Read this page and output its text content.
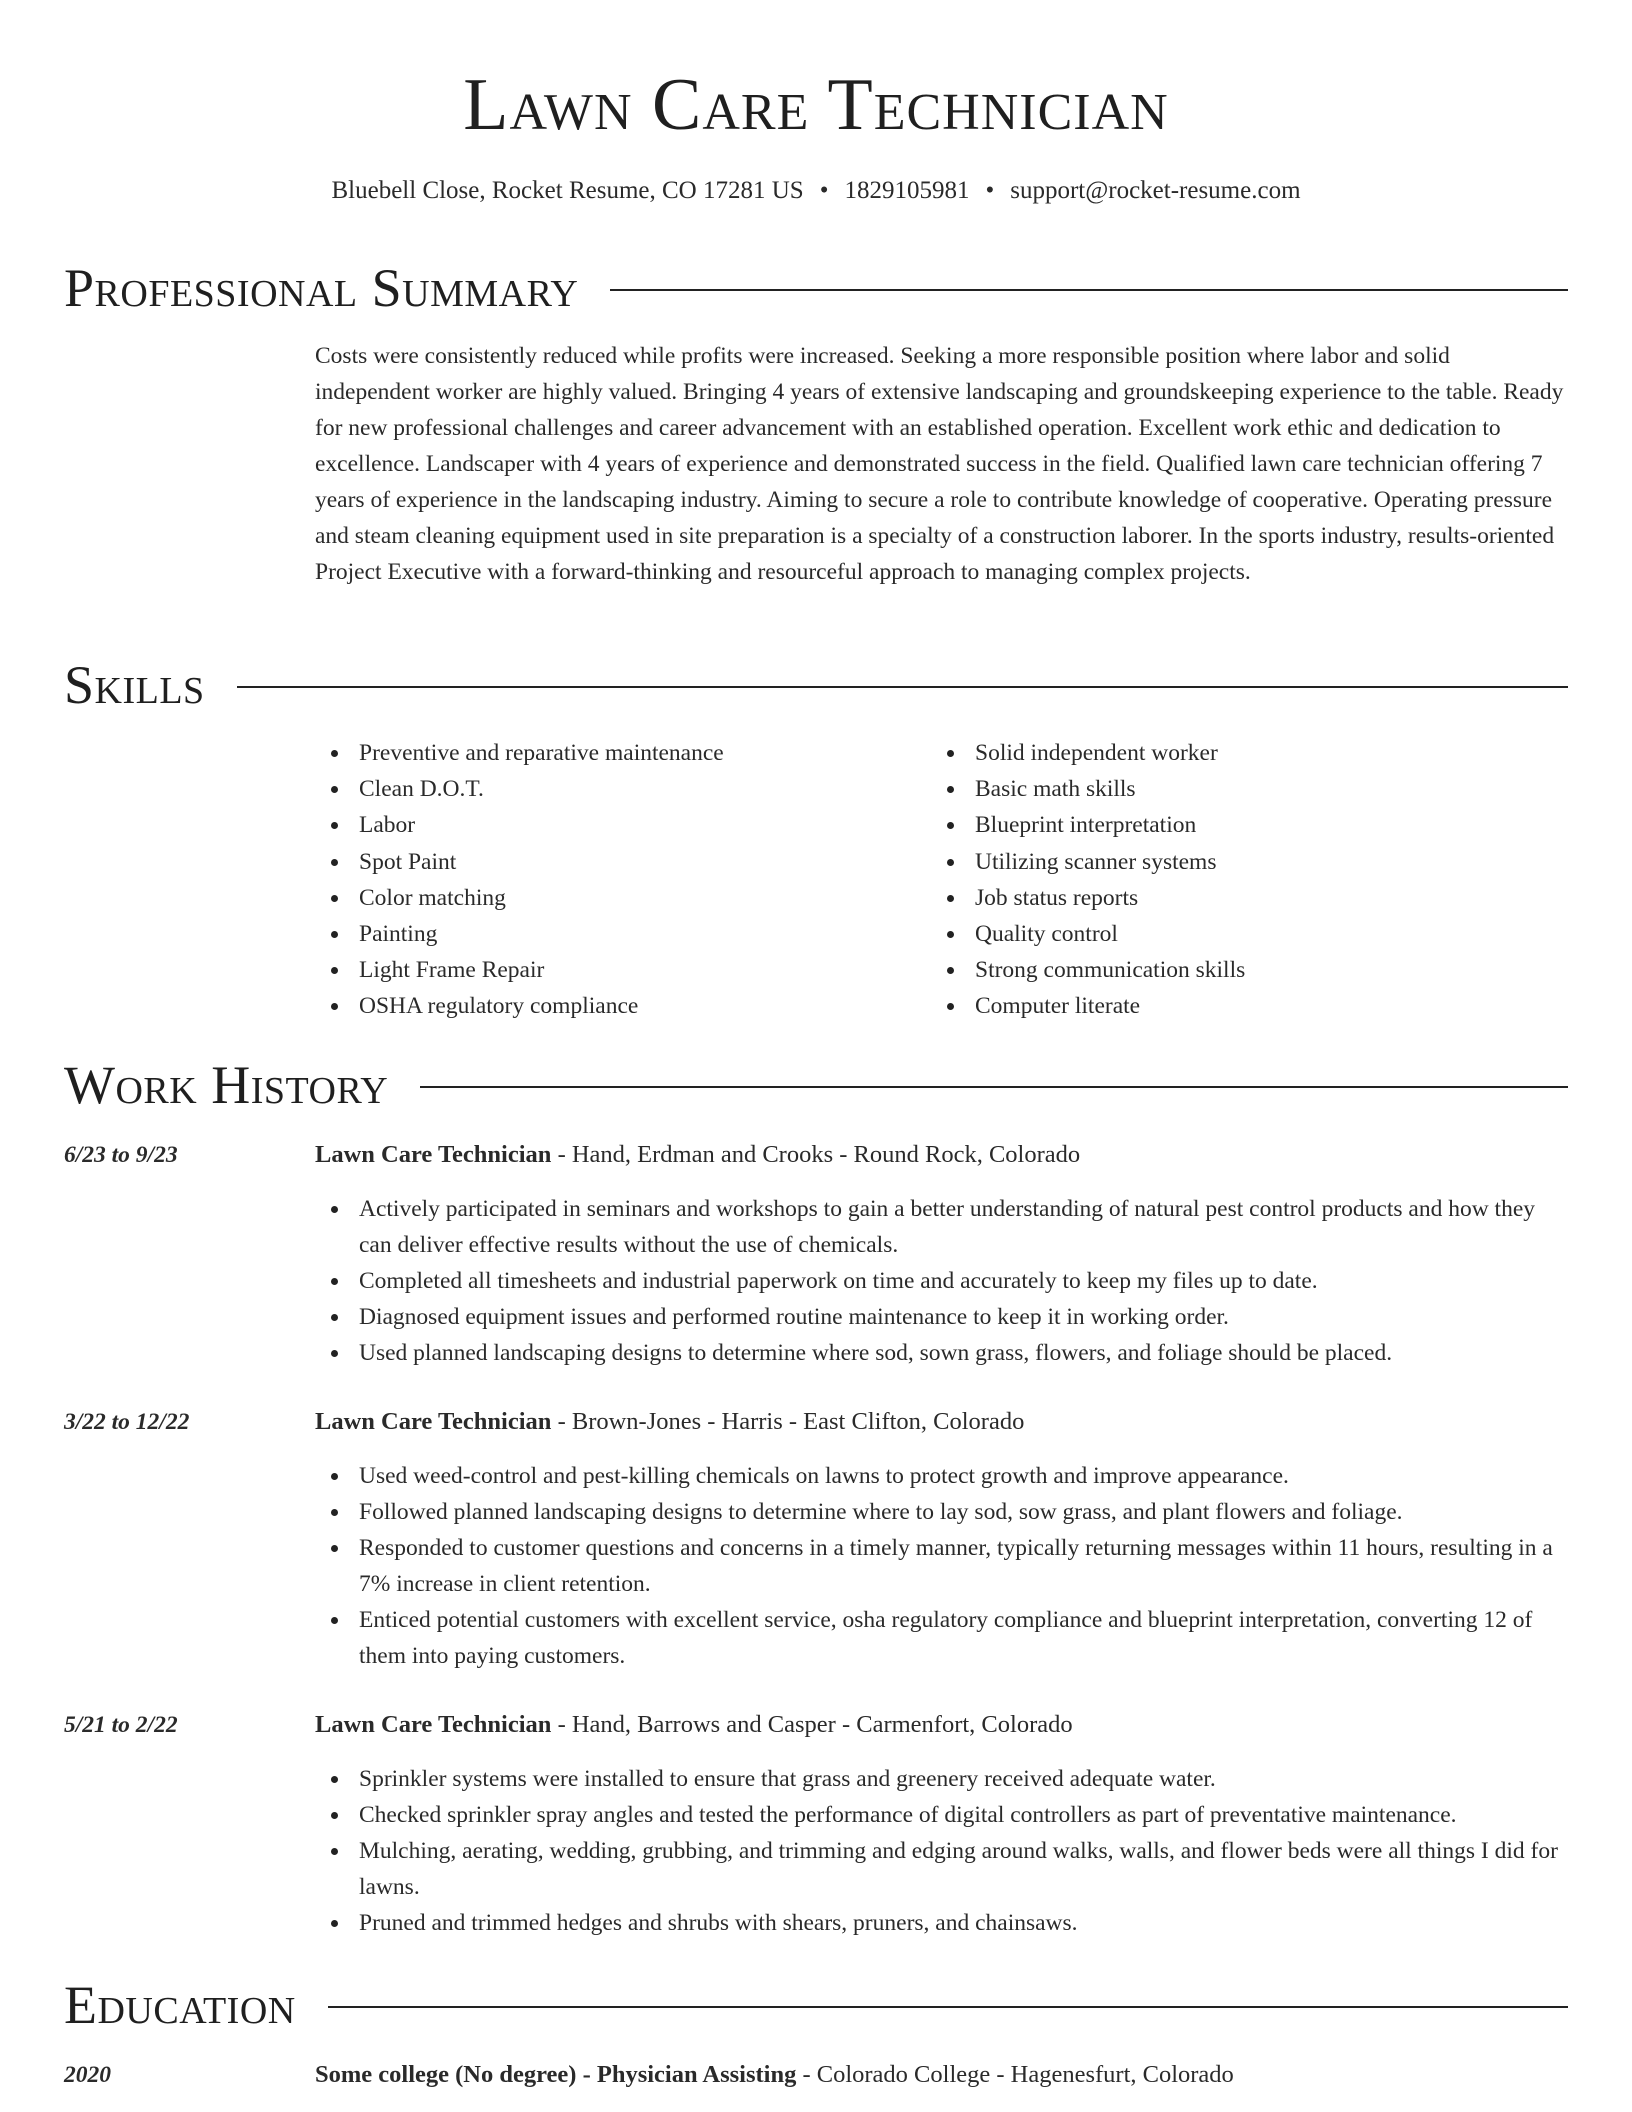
Lawn Care Technician
Bluebell Close, Rocket Resume, CO 17281 US • 1829105981 • support@rocket-resume.com
Professional Summary
Costs were consistently reduced while profits were increased. Seeking a more responsible position where labor and solid independent worker are highly valued. Bringing 4 years of extensive landscaping and groundskeeping experience to the table. Ready for new professional challenges and career advancement with an established operation. Excellent work ethic and dedication to excellence. Landscaper with 4 years of experience and demonstrated success in the field. Qualified lawn care technician offering 7 years of experience in the landscaping industry. Aiming to secure a role to contribute knowledge of cooperative. Operating pressure and steam cleaning equipment used in site preparation is a specialty of a construction laborer. In the sports industry, results-oriented Project Executive with a forward-thinking and resourceful approach to managing complex projects.
Skills
Preventive and reparative maintenance
Clean D.O.T.
Labor
Spot Paint
Color matching
Painting
Light Frame Repair
OSHA regulatory compliance
Solid independent worker
Basic math skills
Blueprint interpretation
Utilizing scanner systems
Job status reports
Quality control
Strong communication skills
Computer literate
Work History
6/23 to 9/23	Lawn Care Technician - Hand, Erdman and Crooks - Round Rock, Colorado
Actively participated in seminars and workshops to gain a better understanding of natural pest control products and how they can deliver effective results without the use of chemicals.
Completed all timesheets and industrial paperwork on time and accurately to keep my files up to date.
Diagnosed equipment issues and performed routine maintenance to keep it in working order.
Used planned landscaping designs to determine where sod, sown grass, flowers, and foliage should be placed.
3/22 to 12/22	Lawn Care Technician - Brown-Jones - Harris - East Clifton, Colorado
Used weed-control and pest-killing chemicals on lawns to protect growth and improve appearance.
Followed planned landscaping designs to determine where to lay sod, sow grass, and plant flowers and foliage.
Responded to customer questions and concerns in a timely manner, typically returning messages within 11 hours, resulting in a 7% increase in client retention.
Enticed potential customers with excellent service, osha regulatory compliance and blueprint interpretation, converting 12 of them into paying customers.
5/21 to 2/22	Lawn Care Technician - Hand, Barrows and Casper - Carmenfort, Colorado
Sprinkler systems were installed to ensure that grass and greenery received adequate water.
Checked sprinkler spray angles and tested the performance of digital controllers as part of preventative maintenance.
Mulching, aerating, wedding, grubbing, and trimming and edging around walks, walls, and flower beds were all things I did for lawns.
Pruned and trimmed hedges and shrubs with shears, pruners, and chainsaws.
Education
2020	Some college (No degree) - Physician Assisting - Colorado College - Hagenesfurt, Colorado
